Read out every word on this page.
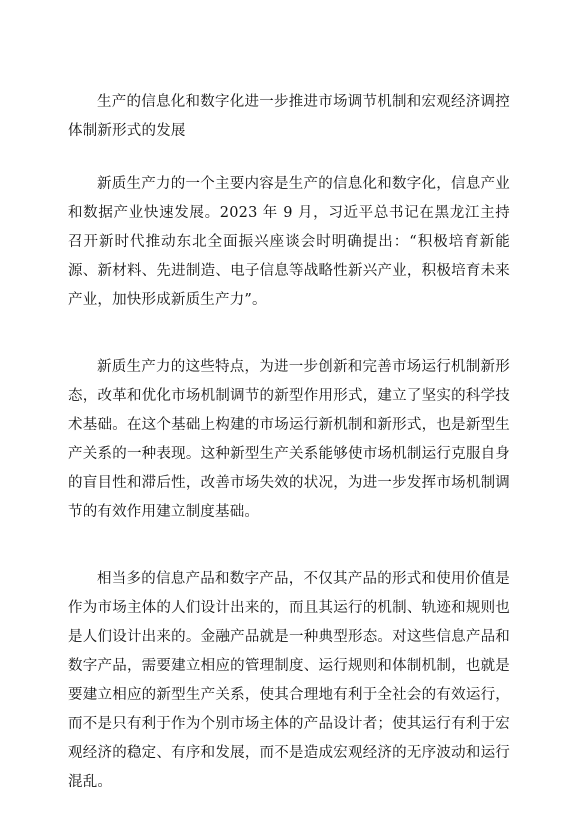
生产的信息化和数字化进一步推进市场调节机制和宏观经济调控体制新形式的发展

新质生产力的一个主要内容是生产的信息化和数字化，信息产业和数据产业快速发展。2023 年 9 月，习近平总书记在黑龙江主持召开新时代推动东北全面振兴座谈会时明确提出：“积极培育新能源、新材料、先进制造、电子信息等战略性新兴产业，积极培育未来产业，加快形成新质生产力”。

新质生产力的这些特点，为进一步创新和完善市场运行机制新形态，改革和优化市场机制调节的新型作用形式，建立了坚实的科学技术基础。在这个基础上构建的市场运行新机制和新形式，也是新型生产关系的一种表现。这种新型生产关系能够使市场机制运行克服自身的盲目性和滞后性，改善市场失效的状况，为进一步发挥市场机制调节的有效作用建立制度基础。

相当多的信息产品和数字产品，不仅其产品的形式和使用价值是作为市场主体的人们设计出来的，而且其运行的机制、轨迹和规则也是人们设计出来的。金融产品就是一种典型形态。对这些信息产品和数字产品，需要建立相应的管理制度、运行规则和体制机制，也就是要建立相应的新型生产关系，使其合理地有利于全社会的有效运行，而不是只有利于作为个别市场主体的产品设计者；使其运行有利于宏观经济的稳定、有序和发展，而不是造成宏观经济的无序波动和运行混乱。
